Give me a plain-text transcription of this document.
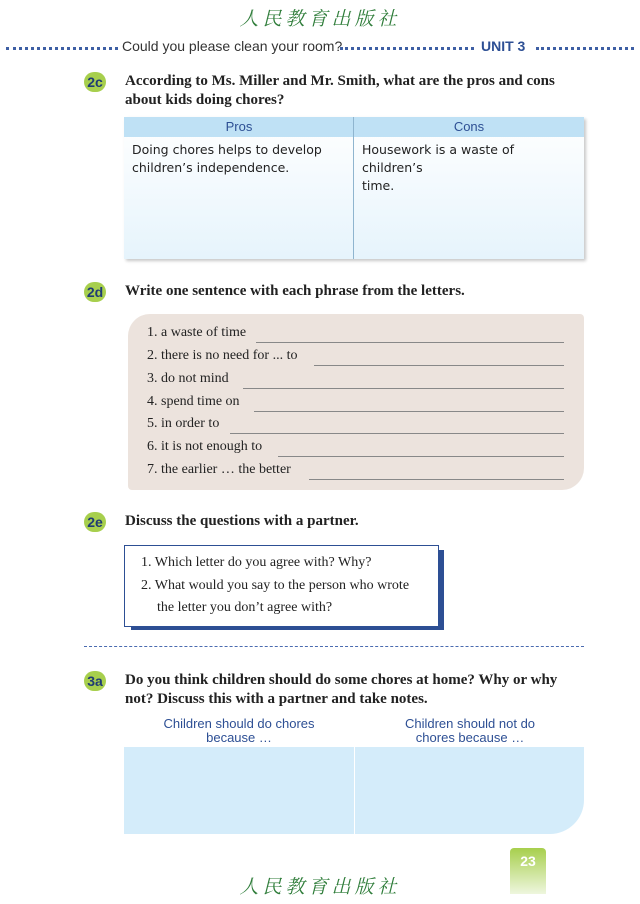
人民教育出版社
Could you please clean your room?	UNIT 3
2c According to Ms. Miller and Mr. Smith, what are the pros and cons
about kids doing chores?
Pros	Cons
Doing chores helps to develop
children’s independence.
Housework is a waste of children’s
time.
2d Write one sentence with each phrase from the letters.
1. a waste of time
2. there is no need for ... to
3. do not mind
4. spend time on
5. in order to
6. it is not enough to
7. the earlier … the better
2e Discuss the questions with a partner.
1. Which letter do you agree with? Why?
2. What would you say to the person who wrote
the letter you don’t agree with?
3a Do you think children should do some chores at home? Why or why
not? Discuss this with a partner and take notes.
Children should do chores
because …
Children should not do
chores because …
23
人民教育出版社
